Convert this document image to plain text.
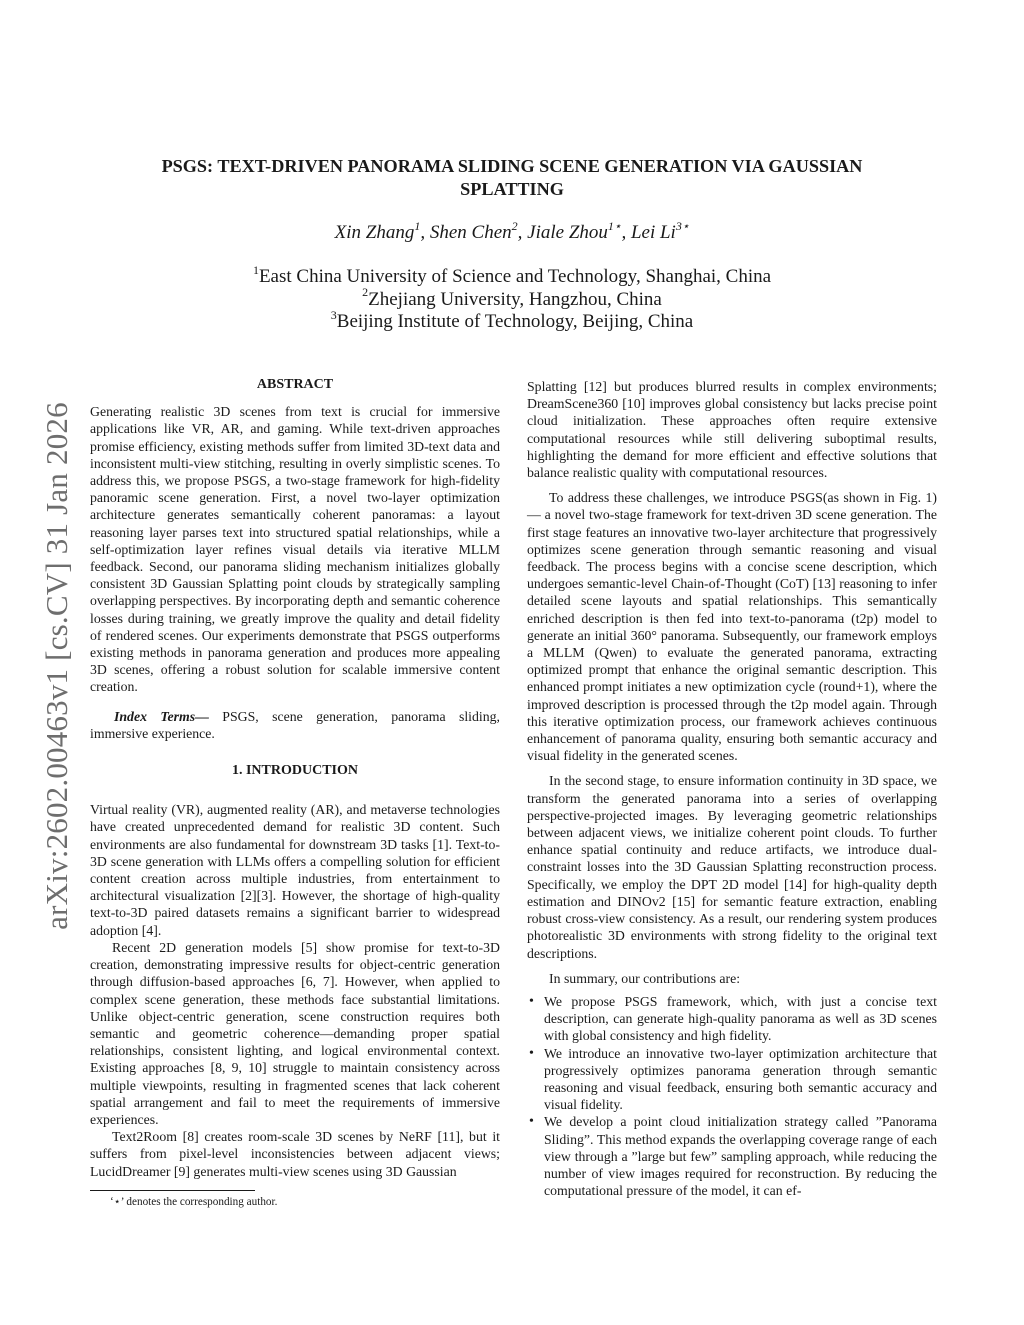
arXiv:2602.00463v1 [cs.CV] 31 Jan 2026
PSGS: TEXT-DRIVEN PANORAMA SLIDING SCENE GENERATION VIA GAUSSIAN SPLATTING
Xin Zhang$^1$, Shen Chen$^2$, Jiale Zhou$^{1⋆}$, Lei $Li^{3⋆}$
$^1$East China University of Science and Technology, Shanghai, China
$^2$Zhejiang University, Hangzhou, China
$^3$Beijing Institute of Technology, Beijing, China
ABSTRACT

Generating realistic 3D scenes from text is crucial for immersive applications like VR, AR, and gaming. While text-driven approaches promise efficiency, existing methods suffer from limited 3D-text data and inconsistent multi-view stitching, resulting in overly simplistic scenes. To address this, we propose PSGS, a two-stage framework for high-fidelity panoramic scene generation. First, a novel two-layer optimization architecture generates semantically coherent panoramas: a layout reasoning layer parses text into structured spatial relationships, while a self-optimization layer refines visual details via iterative MLLM feedback. Second, our panorama sliding mechanism initializes globally consistent 3D Gaussian Splatting point clouds by strategically sampling overlapping perspectives. By incorporating depth and semantic coherence losses during training, we greatly improve the quality and detail fidelity of rendered scenes. Our experiments demonstrate that PSGS outperforms existing methods in panorama generation and produces more appealing 3D scenes, offering a robust solution for scalable immersive content creation.

Index Terms— PSGS, scene generation, panorama sliding, immersive experience.

1. INTRODUCTION

Virtual reality (VR), augmented reality (AR), and metaverse technologies have created unprecedented demand for realistic 3D content. Such environments are also fundamental for downstream 3D tasks [1]. Text-to-3D scene generation with LLMs offers a compelling solution for efficient content creation across multiple industries, from entertainment to architectural visualization [2][3]. However, the shortage of high-quality text-to-3D paired datasets remains a significant barrier to widespread adoption [4].

Recent 2D generation models [5] show promise for text-to-3D creation, demonstrating impressive results for object-centric generation through diffusion-based approaches [6, 7]. However, when applied to complex scene generation, these methods face substantial limitations. Unlike object-centric generation, scene construction requires both semantic and geometric coherence—demanding proper spatial relationships, consistent lighting, and logical environmental context. Existing approaches [8, 9, 10] struggle to maintain consistency across multiple viewpoints, resulting in fragmented scenes that lack coherent spatial arrangement and fail to meet the requirements of immersive experiences.

Text2Room [8] creates room-scale 3D scenes by NeRF [11], but it suffers from pixel-level inconsistencies between adjacent views; LucidDreamer [9] generates multi-view scenes using 3D Gaussian

Splatting [12] but produces blurred results in complex environments; DreamScene360 [10] improves global consistency but lacks precise point cloud initialization. These approaches often require extensive computational resources while still delivering suboptimal results, highlighting the demand for more efficient and effective solutions that balance realistic quality with computational resources.

To address these challenges, we introduce PSGS(as shown in Fig. 1) — a novel two-stage framework for text-driven 3D scene generation. The first stage features an innovative two-layer architecture that progressively optimizes scene generation through semantic reasoning and visual feedback. The process begins with a concise scene description, which undergoes semantic-level Chain-of-Thought (CoT) [13] reasoning to infer detailed scene layouts and spatial relationships. This semantically enriched description is then fed into text-to-panorama (t2p) model to generate an initial 360° panorama. Subsequently, our framework employs a MLLM (Qwen) to evaluate the generated panorama, extracting optimized prompt that enhance the original semantic description. This enhanced prompt initiates a new optimization cycle (round+1), where the improved description is processed through the t2p model again. Through this iterative optimization process, our framework achieves continuous enhancement of panorama quality, ensuring both semantic accuracy and visual fidelity in the generated scenes.

In the second stage, to ensure information continuity in 3D space, we transform the generated panorama into a series of overlapping perspective-projected images. By leveraging geometric relationships between adjacent views, we initialize coherent point clouds. To further enhance spatial continuity and reduce artifacts, we introduce dual-constraint losses into the 3D Gaussian Splatting reconstruction process. Specifically, we employ the DPT 2D model [14] for high-quality depth estimation and DINOv2 [15] for semantic feature extraction, enabling robust cross-view consistency. As a result, our rendering system produces photorealistic 3D environments with strong fidelity to the original text descriptions.

In summary, our contributions are:

• We propose PSGS framework, which, with just a concise text description, can generate high-quality panorama as well as 3D scenes with global consistency and high fidelity.
• We introduce an innovative two-layer optimization architecture that progressively optimizes panorama generation through semantic reasoning and visual feedback, ensuring both semantic accuracy and visual fidelity.
• We develop a point cloud initialization strategy called ”Panorama Sliding”. This method expands the overlapping coverage range of each view through a ”large but few” sampling approach, while reducing the number of view images required for reconstruction. By reducing the computational pressure of the model, it can ef-
‘⋆’ denotes the corresponding author.
